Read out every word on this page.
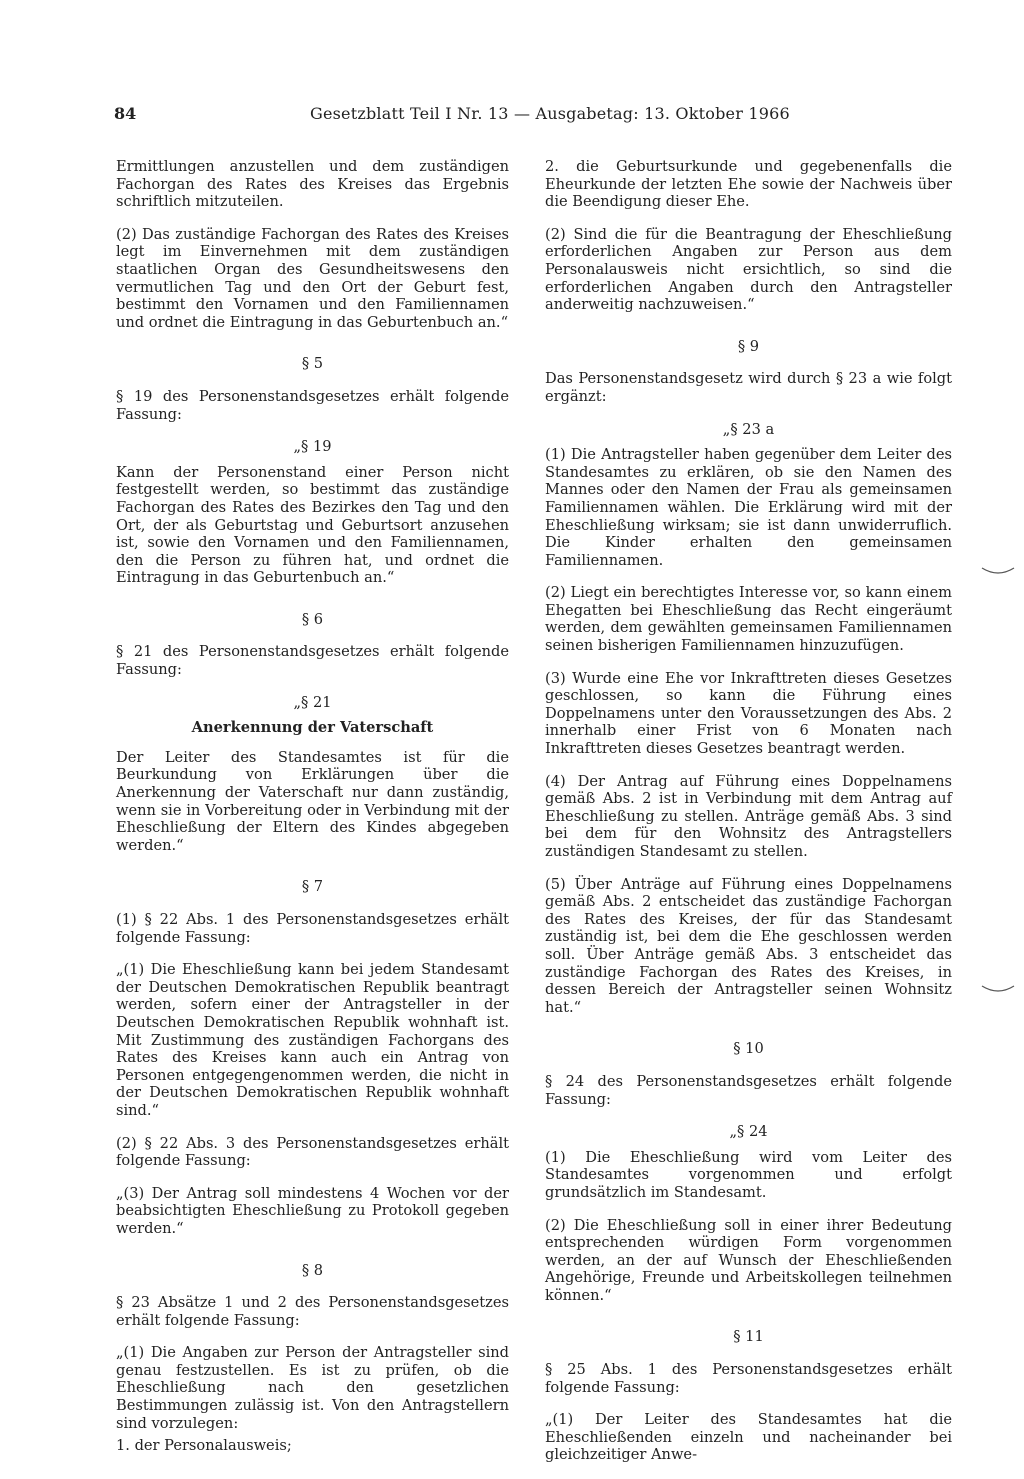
84	Gesetzblatt Teil I Nr. 13 — Ausgabetag: 13. Oktober 1966

Ermittlungen anzustellen und dem zuständigen Fachorgan des Rates des Kreises das Ergebnis schriftlich mitzuteilen.

(2) Das zuständige Fachorgan des Rates des Kreises legt im Einvernehmen mit dem zuständigen staatlichen Organ des Gesundheitswesens den vermutlichen Tag und den Ort der Geburt fest, bestimmt den Vornamen und den Familiennamen und ordnet die Eintragung in das Geburtenbuch an.“

§ 5

§ 19 des Personenstandsgesetzes erhält folgende Fassung:

„§ 19

Kann der Personenstand einer Person nicht festgestellt werden, so bestimmt das zuständige Fachorgan des Rates des Bezirkes den Tag und den Ort, der als Geburtstag und Geburtsort anzusehen ist, sowie den Vornamen und den Familiennamen, den die Person zu führen hat, und ordnet die Eintragung in das Geburtenbuch an.“

§ 6

§ 21 des Personenstandsgesetzes erhält folgende Fassung:

„§ 21

Anerkennung der Vaterschaft

Der Leiter des Standesamtes ist für die Beurkundung von Erklärungen über die Anerkennung der Vaterschaft nur dann zuständig, wenn sie in Vorbereitung oder in Verbindung mit der Eheschließung der Eltern des Kindes abgegeben werden.“

§ 7

(1) § 22 Abs. 1 des Personenstandsgesetzes erhält folgende Fassung:

„(1) Die Eheschließung kann bei jedem Standesamt der Deutschen Demokratischen Republik beantragt werden, sofern einer der Antragsteller in der Deutschen Demokratischen Republik wohnhaft ist. Mit Zustimmung des zuständigen Fachorgans des Rates des Kreises kann auch ein Antrag von Personen entgegengenommen werden, die nicht in der Deutschen Demokratischen Republik wohnhaft sind.“

(2) § 22 Abs. 3 des Personenstandsgesetzes erhält folgende Fassung:

„(3) Der Antrag soll mindestens 4 Wochen vor der beabsichtigten Eheschließung zu Protokoll gegeben werden.“

§ 8

§ 23 Absätze 1 und 2 des Personenstandsgesetzes erhält folgende Fassung:

„(1) Die Angaben zur Person der Antragsteller sind genau festzustellen. Es ist zu prüfen, ob die Eheschließung nach den gesetzlichen Bestimmungen zulässig ist. Von den Antragstellern sind vorzulegen:

1. der Personalausweis;

2. die Geburtsurkunde und gegebenenfalls die Eheurkunde der letzten Ehe sowie der Nachweis über die Beendigung dieser Ehe.

(2) Sind die für die Beantragung der Eheschließung erforderlichen Angaben zur Person aus dem Personalausweis nicht ersichtlich, so sind die erforderlichen Angaben durch den Antragsteller anderweitig nachzuweisen.“

§ 9

Das Personenstandsgesetz wird durch § 23 a wie folgt ergänzt:

„§ 23 a

(1) Die Antragsteller haben gegenüber dem Leiter des Standesamtes zu erklären, ob sie den Namen des Mannes oder den Namen der Frau als gemeinsamen Familiennamen wählen. Die Erklärung wird mit der Eheschließung wirksam; sie ist dann unwiderruflich. Die Kinder erhalten den gemeinsamen Familiennamen.

(2) Liegt ein berechtigtes Interesse vor, so kann einem Ehegatten bei Eheschließung das Recht eingeräumt werden, dem gewählten gemeinsamen Familiennamen seinen bisherigen Familiennamen hinzuzufügen.

(3) Wurde eine Ehe vor Inkrafttreten dieses Gesetzes geschlossen, so kann die Führung eines Doppelnamens unter den Voraussetzungen des Abs. 2 innerhalb einer Frist von 6 Monaten nach Inkrafttreten dieses Gesetzes beantragt werden.

(4) Der Antrag auf Führung eines Doppelnamens gemäß Abs. 2 ist in Verbindung mit dem Antrag auf Eheschließung zu stellen. Anträge gemäß Abs. 3 sind bei dem für den Wohnsitz des Antragstellers zuständigen Standesamt zu stellen.

(5) Über Anträge auf Führung eines Doppelnamens gemäß Abs. 2 entscheidet das zuständige Fachorgan des Rates des Kreises, der für das Standesamt zuständig ist, bei dem die Ehe geschlossen werden soll. Über Anträge gemäß Abs. 3 entscheidet das zuständige Fachorgan des Rates des Kreises, in dessen Bereich der Antragsteller seinen Wohnsitz hat.“

§ 10

§ 24 des Personenstandsgesetzes erhält folgende Fassung:

„§ 24

(1) Die Eheschließung wird vom Leiter des Standesamtes vorgenommen und erfolgt grundsätzlich im Standesamt.

(2) Die Eheschließung soll in einer ihrer Bedeutung entsprechenden würdigen Form vorgenommen werden, an der auf Wunsch der Eheschließenden Angehörige, Freunde und Arbeitskollegen teilnehmen können.“

§ 11

§ 25 Abs. 1 des Personenstandsgesetzes erhält folgende Fassung:

„(1) Der Leiter des Standesamtes hat die Eheschließenden einzeln und nacheinander bei gleichzeitiger Anwe-
